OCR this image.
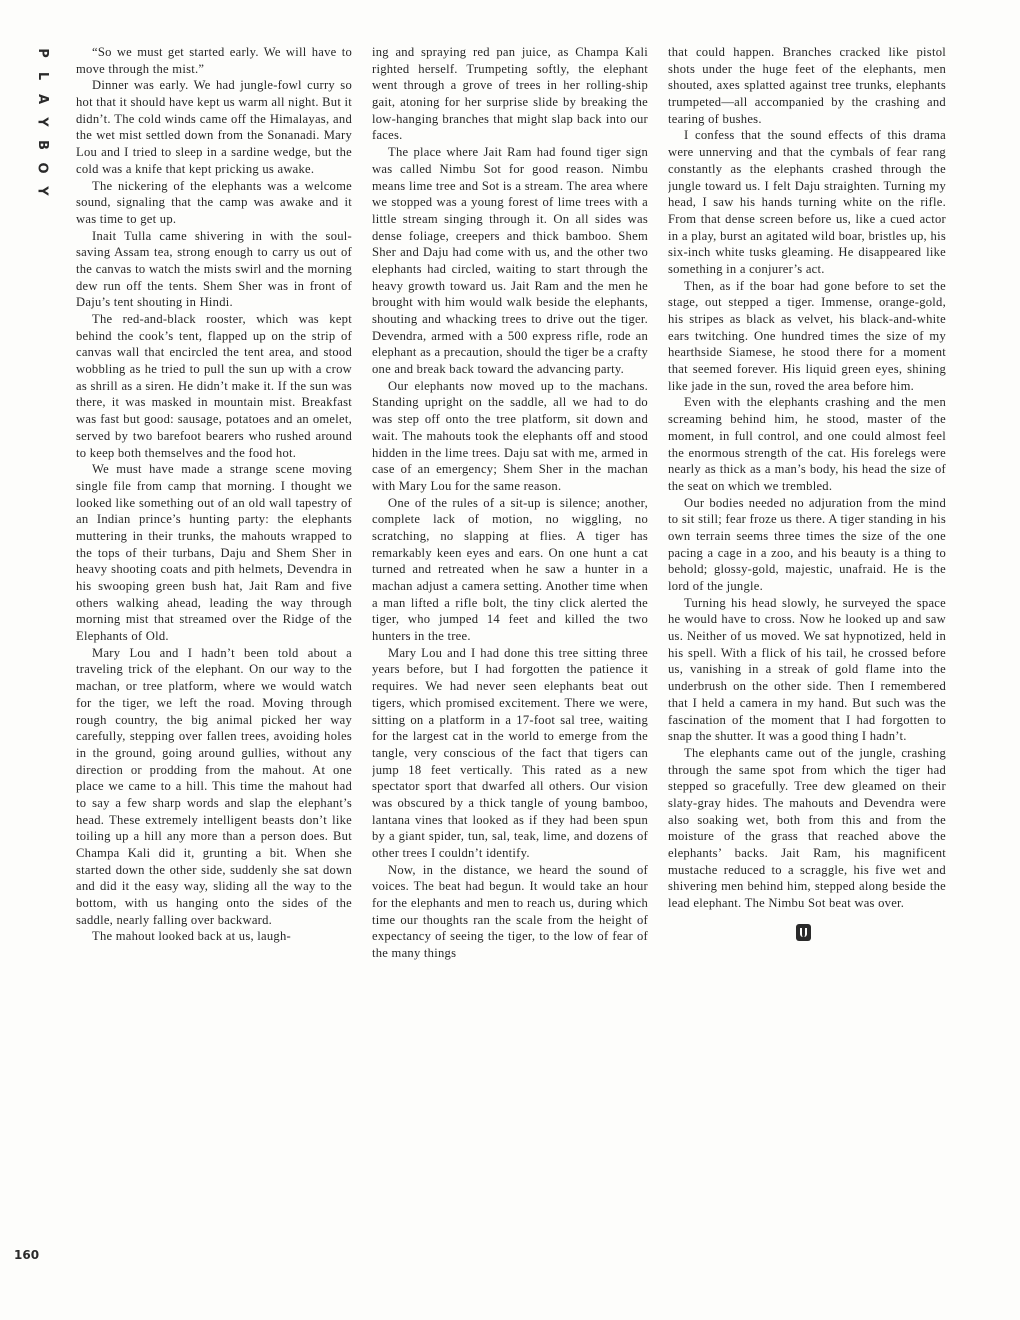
P
L
A
Y
B
O
Y
160

“So we must get started early. We will have to move through the mist.”

Dinner was early. We had jungle-fowl curry so hot that it should have kept us warm all night. But it didn’t. The cold winds came off the Himalayas, and the wet mist settled down from the Sonanadi. Mary Lou and I tried to sleep in a sardine wedge, but the cold was a knife that kept pricking us awake.

The nickering of the elephants was a welcome sound, signaling that the camp was awake and it was time to get up.

Inait Tulla came shivering in with the soul-saving Assam tea, strong enough to carry us out of the canvas to watch the mists swirl and the morning dew run off the tents. Shem Sher was in front of Daju’s tent shouting in Hindi.

The red-and-black rooster, which was kept behind the cook’s tent, flapped up on the strip of canvas wall that encircled the tent area, and stood wobbling as he tried to pull the sun up with a crow as shrill as a siren. He didn’t make it. If the sun was there, it was masked in mountain mist. Breakfast was fast but good: sausage, potatoes and an omelet, served by two barefoot bearers who rushed around to keep both themselves and the food hot.

We must have made a strange scene moving single file from camp that morning. I thought we looked like something out of an old wall tapestry of an Indian prince’s hunting party: the elephants muttering in their trunks, the mahouts wrapped to the tops of their turbans, Daju and Shem Sher in heavy shooting coats and pith helmets, Devendra in his swooping green bush hat, Jait Ram and five others walking ahead, leading the way through morning mist that streamed over the Ridge of the Elephants of Old.

Mary Lou and I hadn’t been told about a traveling trick of the elephant. On our way to the machan, or tree platform, where we would watch for the tiger, we left the road. Moving through rough country, the big animal picked her way carefully, stepping over fallen trees, avoiding holes in the ground, going around gullies, without any direction or prodding from the mahout. At one place we came to a hill. This time the mahout had to say a few sharp words and slap the elephant’s head. These extremely intelligent beasts don’t like toiling up a hill any more than a person does. But Champa Kali did it, grunting a bit. When she started down the other side, suddenly she sat down and did it the easy way, sliding all the way to the bottom, with us hanging onto the sides of the saddle, nearly falling over backward.

The mahout looked back at us, laugh-

ing and spraying red pan juice, as Champa Kali righted herself. Trumpeting softly, the elephant went through a grove of trees in her rolling-ship gait, atoning for her surprise slide by breaking the low-hanging branches that might slap back into our faces.

The place where Jait Ram had found tiger sign was called Nimbu Sot for good reason. Nimbu means lime tree and Sot is a stream. The area where we stopped was a young forest of lime trees with a little stream singing through it. On all sides was dense foliage, creepers and thick bamboo. Shem Sher and Daju had come with us, and the other two elephants had circled, waiting to start through the heavy growth toward us. Jait Ram and the men he brought with him would walk beside the elephants, shouting and whacking trees to drive out the tiger. Devendra, armed with a 500 express rifle, rode an elephant as a precaution, should the tiger be a crafty one and break back toward the advancing party.

Our elephants now moved up to the machans. Standing upright on the saddle, all we had to do was step off onto the tree platform, sit down and wait. The mahouts took the elephants off and stood hidden in the lime trees. Daju sat with me, armed in case of an emergency; Shem Sher in the machan with Mary Lou for the same reason.

One of the rules of a sit-up is silence; another, complete lack of motion, no wiggling, no scratching, no slapping at flies. A tiger has remarkably keen eyes and ears. On one hunt a cat turned and retreated when he saw a hunter in a machan adjust a camera setting. Another time when a man lifted a rifle bolt, the tiny click alerted the tiger, who jumped 14 feet and killed the two hunters in the tree.

Mary Lou and I had done this tree sitting three years before, but I had forgotten the patience it requires. We had never seen elephants beat out tigers, which promised excitement. There we were, sitting on a platform in a 17-foot sal tree, waiting for the largest cat in the world to emerge from the tangle, very conscious of the fact that tigers can jump 18 feet vertically. This rated as a new spectator sport that dwarfed all others. Our vision was obscured by a thick tangle of young bamboo, lantana vines that looked as if they had been spun by a giant spider, tun, sal, teak, lime, and dozens of other trees I couldn’t identify.

Now, in the distance, we heard the sound of voices. The beat had begun. It would take an hour for the elephants and men to reach us, during which time our thoughts ran the scale from the height of expectancy of seeing the tiger, to the low of fear of the many things

that could happen. Branches cracked like pistol shots under the huge feet of the elephants, men shouted, axes splatted against tree trunks, elephants trumpeted—all accompanied by the crashing and tearing of bushes.

I confess that the sound effects of this drama were unnerving and that the cymbals of fear rang constantly as the elephants crashed through the jungle toward us. I felt Daju straighten. Turning my head, I saw his hands turning white on the rifle. From that dense screen before us, like a cued actor in a play, burst an agitated wild boar, bristles up, his six-inch white tusks gleaming. He disappeared like something in a conjurer’s act.

Then, as if the boar had gone before to set the stage, out stepped a tiger. Immense, orange-gold, his stripes as black as velvet, his black-and-white ears twitching. One hundred times the size of my hearthside Siamese, he stood there for a moment that seemed forever. His liquid green eyes, shining like jade in the sun, roved the area before him.

Even with the elephants crashing and the men screaming behind him, he stood, master of the moment, in full control, and one could almost feel the enormous strength of the cat. His forelegs were nearly as thick as a man’s body, his head the size of the seat on which we trembled.

Our bodies needed no adjuration from the mind to sit still; fear froze us there. A tiger standing in his own terrain seems three times the size of the one pacing a cage in a zoo, and his beauty is a thing to behold; glossy-gold, majestic, unafraid. He is the lord of the jungle.

Turning his head slowly, he surveyed the space he would have to cross. Now he looked up and saw us. Neither of us moved. We sat hypnotized, held in his spell. With a flick of his tail, he crossed before us, vanishing in a streak of gold flame into the underbrush on the other side. Then I remembered that I held a camera in my hand. But such was the fascination of the moment that I had forgotten to snap the shutter. It was a good thing I hadn’t.

The elephants came out of the jungle, crashing through the same spot from which the tiger had stepped so gracefully. Tree dew gleamed on their slaty-gray hides. The mahouts and Devendra were also soaking wet, both from this and from the moisture of the grass that reached above the elephants’ backs. Jait Ram, his magnificent mustache reduced to a scraggle, his five wet and shivering men behind him, stepped along beside the lead elephant. The Nimbu Sot beat was over.
